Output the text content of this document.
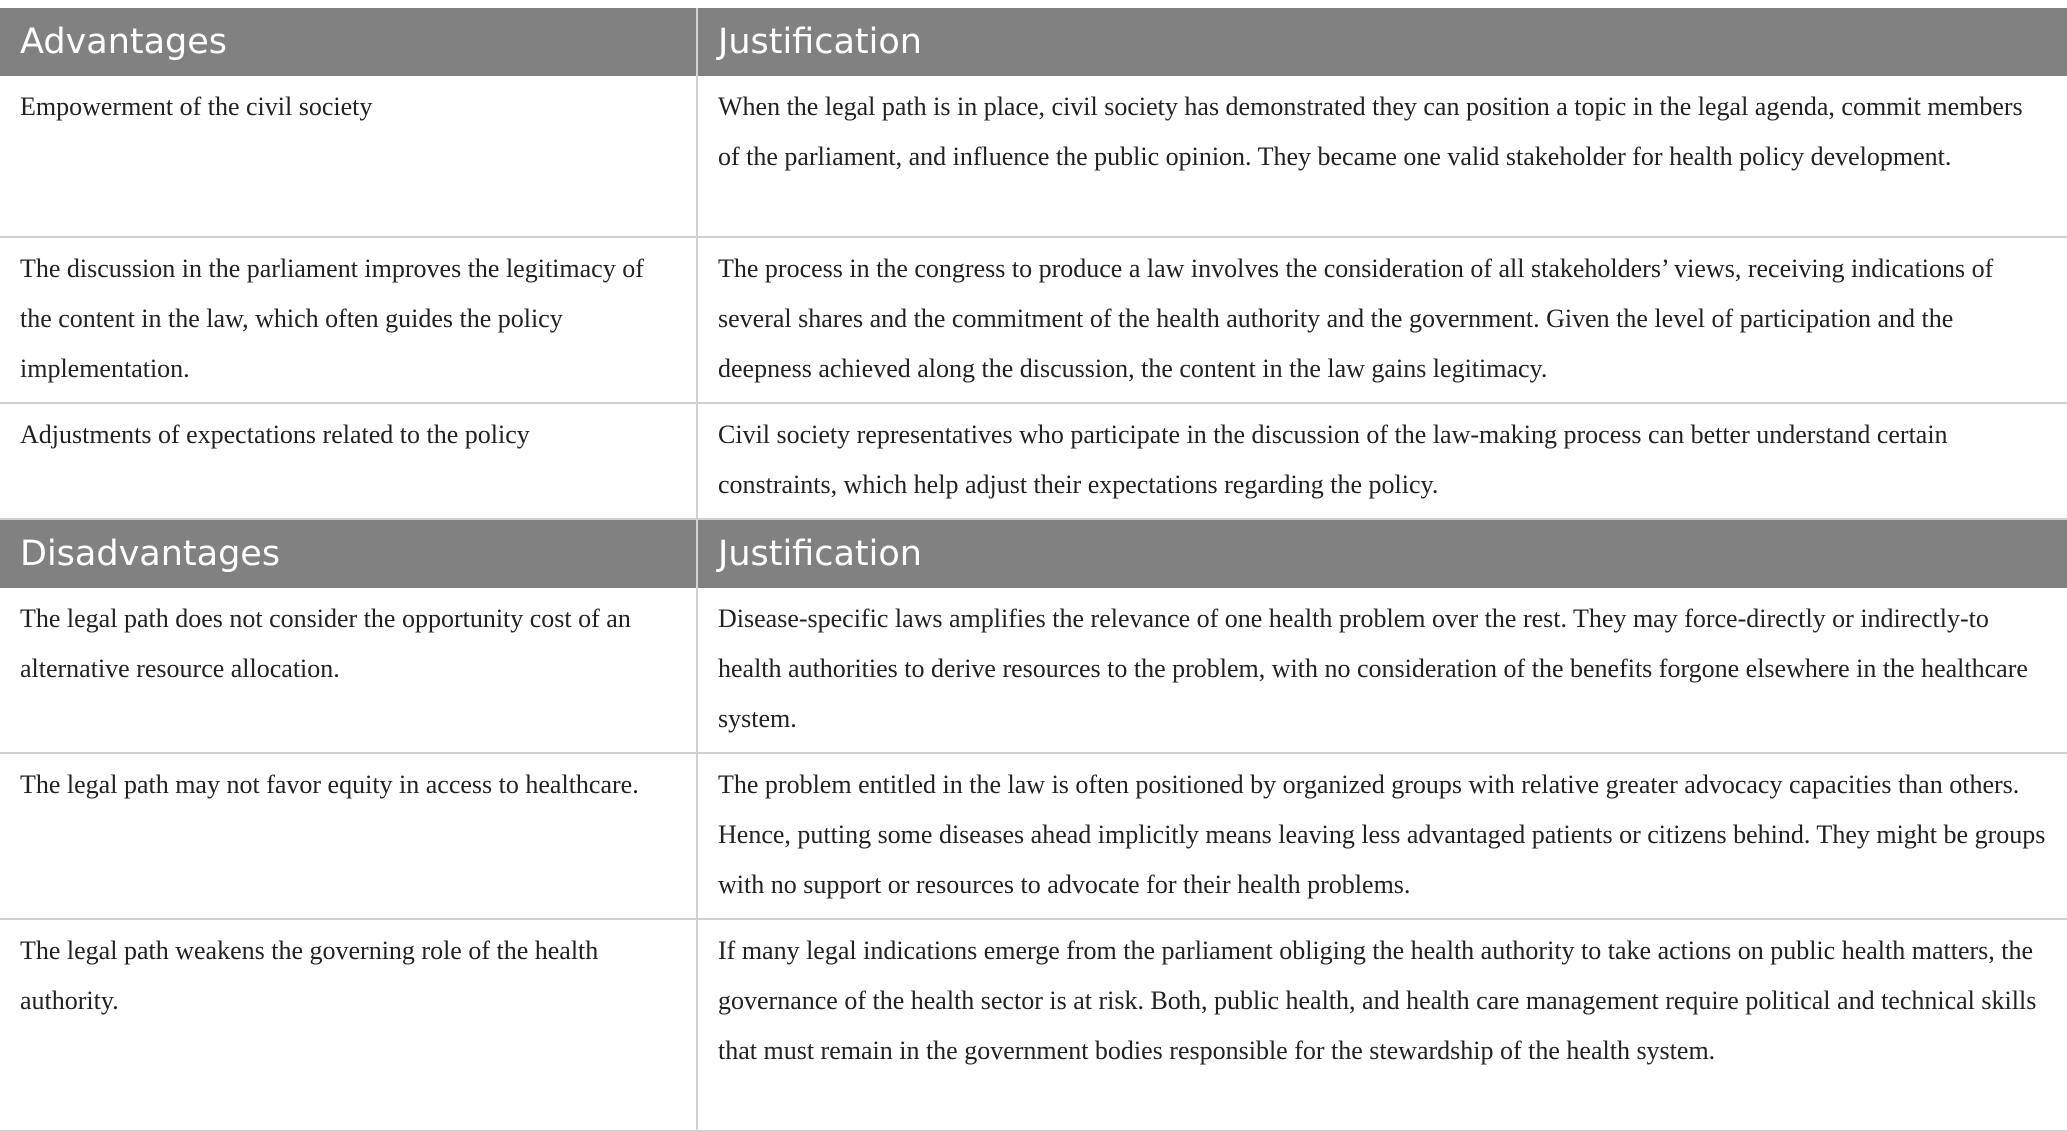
Advantages	Justification
Empowerment of the civil society	When the legal path is in place, civil society has demonstrated they can position a topic in the legal agenda, commit members of the parliament, and influence the public opinion. They became one valid stakeholder for health policy development.
The discussion in the parliament improves the legitimacy of the content in the law, which often guides the policy implementation.	The process in the congress to produce a law involves the consideration of all stakeholders’ views, receiving indications of several shares and the commitment of the health authority and the government. Given the level of participation and the deepness achieved along the discussion, the content in the law gains legitimacy.
Adjustments of expectations related to the policy	Civil society representatives who participate in the discussion of the law-making process can better understand certain constraints, which help adjust their expectations regarding the policy.
Disadvantages	Justification
The legal path does not consider the opportunity cost of an alternative resource allocation.	Disease-specific laws amplifies the relevance of one health problem over the rest. They may force-directly or indirectly-to health authorities to derive resources to the problem, with no consideration of the benefits forgone elsewhere in the healthcare system.
The legal path may not favor equity in access to healthcare.	The problem entitled in the law is often positioned by organized groups with relative greater advocacy capacities than others. Hence, putting some diseases ahead implicitly means leaving less advantaged patients or citizens behind. They might be groups with no support or resources to advocate for their health problems.
The legal path weakens the governing role of the health authority.	If many legal indications emerge from the parliament obliging the health authority to take actions on public health matters, the governance of the health sector is at risk. Both, public health, and health care management require political and technical skills that must remain in the government bodies responsible for the stewardship of the health system.
